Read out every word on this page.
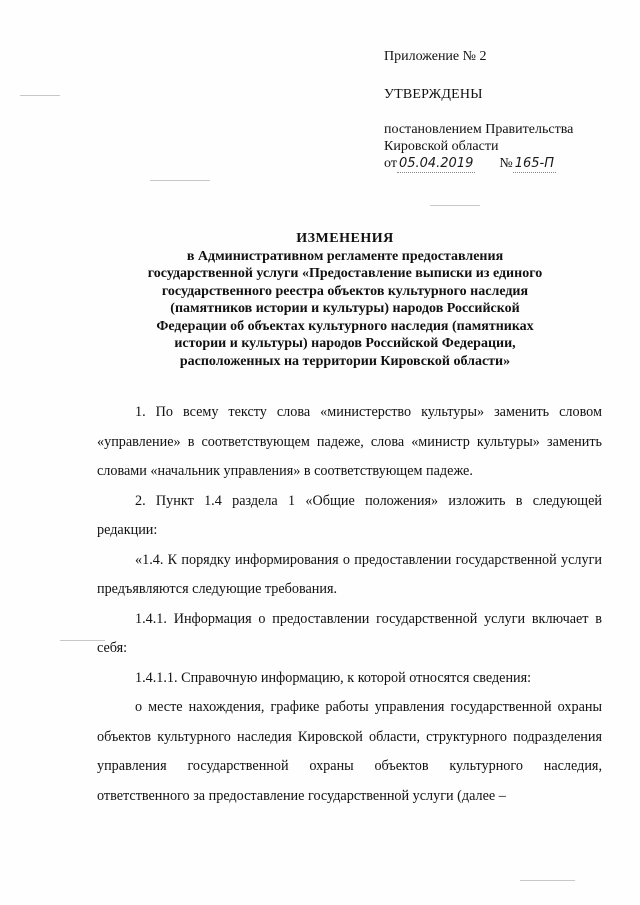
Приложение № 2
УТВЕРЖДЕНЫ
постановлением Правительства
Кировской области
от 05.04.2019 № 165-П
ИЗМЕНЕНИЯ
в Административном регламенте предоставления
государственной услуги «Предоставление выписки из единого
государственного реестра объектов культурного наследия
(памятников истории и культуры) народов Российской
Федерации об объектах культурного наследия (памятниках
истории и культуры) народов Российской Федерации,
расположенных на территории Кировской области»

1. По всему тексту слова «министерство культуры» заменить словом «управление» в соответствующем падеже, слова «министр культуры» заменить словами «начальник управления» в соответствующем падеже.

2. Пункт 1.4 раздела 1 «Общие положения» изложить в следующей редакции:

«1.4. К порядку информирования о предоставлении государственной услуги предъявляются следующие требования.

1.4.1. Информация о предоставлении государственной услуги включает в себя:

1.4.1.1. Справочную информацию, к которой относятся сведения:

о месте нахождения, графике работы управления государственной охраны объектов культурного наследия Кировской области, структурного подразделения управления государственной охраны объектов культурного наследия, ответственного за предоставление государственной услуги (далее –
